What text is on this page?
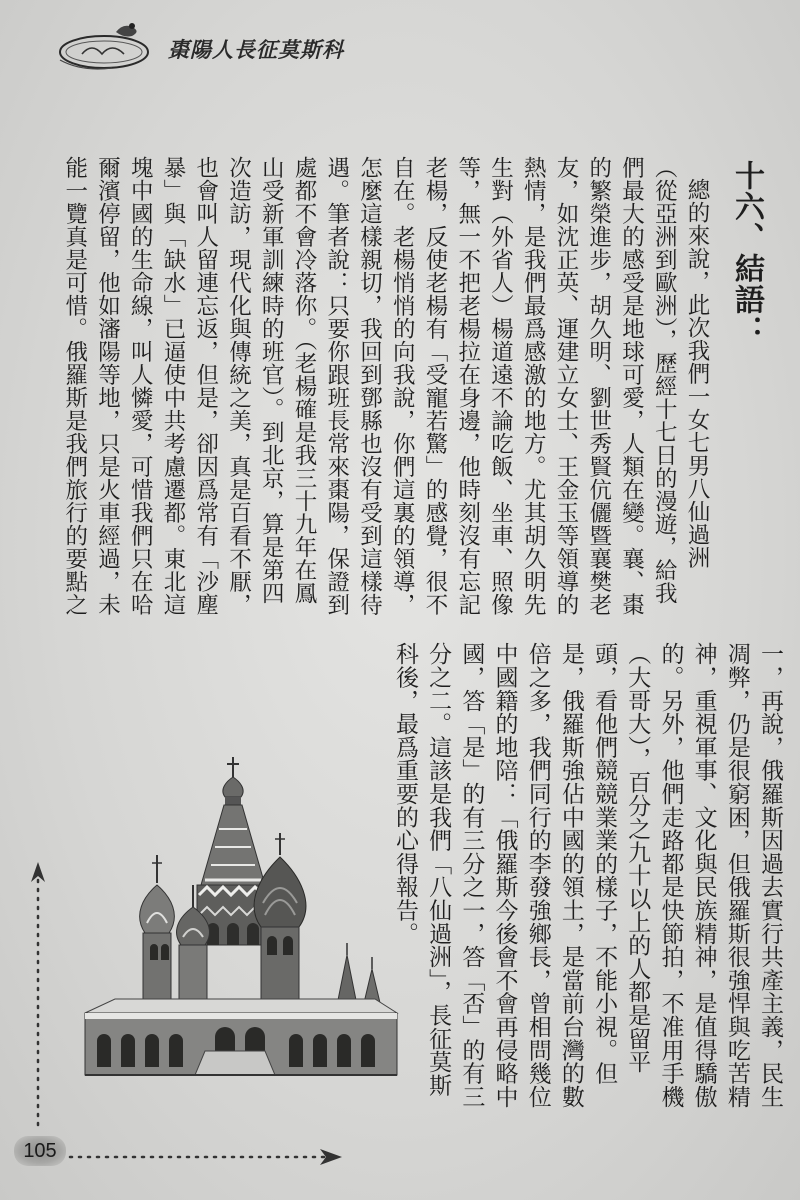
棗陽人長征莫斯科
十六、結語：
總的來說，此次我們一女七男八仙過洲
（從亞洲到歐洲），歷經十七日的漫遊，給我
們最大的感受是地球可愛，人類在變。襄、棗
的繁榮進步，胡久明、劉世秀賢伉儷暨襄樊老
友，如沈正英、運建立女士、王金玉等領導的
熱情，是我們最爲感激的地方。尤其胡久明先
生對（外省人）楊道遠不論吃飯、坐車、照像
等，無一不把老楊拉在身邊，他時刻沒有忘記
老楊，反使老楊有「受寵若驚」的感覺，很不
自在。老楊悄悄的向我說，你們這裏的領導，
怎麼這樣親切，我回到鄧縣也沒有受到這樣待
遇。筆者說：只要你跟班長常來棗陽，保證到
處都不會冷落你。（老楊確是我三十九年在鳳
山受新軍訓練時的班官）。到北京，算是第四
次造訪，現代化與傳統之美，真是百看不厭，
也會叫人留連忘返，但是，卻因爲常有「沙塵
暴」與「缺水」已逼使中共考慮遷都。東北這
塊中國的生命線，叫人憐愛，可惜我們只在哈
爾濱停留，他如瀋陽等地，只是火車經過，未
能一覽真是可惜。俄羅斯是我們旅行的要點之
一，再說，俄羅斯因過去實行共產主義，民生
凋弊，仍是很窮困，但俄羅斯很強悍與吃苦精
神，重視軍事、文化與民族精神，是值得驕傲
的。另外，他們走路都是快節拍，不准用手機
（大哥大），百分之九十以上的人都是留平
頭，看他們競競業業的樣子，不能小視。但
是，俄羅斯強佔中國的領土，是當前台灣的數
倍之多，我們同行的李發強鄉長，曾相問幾位
中國籍的地陪：「俄羅斯今後會不會再侵略中
國，答「是」的有三分之一，答「否」的有三
分之二。這該是我們「八仙過洲」，長征莫斯
科後，最爲重要的心得報告。
105
